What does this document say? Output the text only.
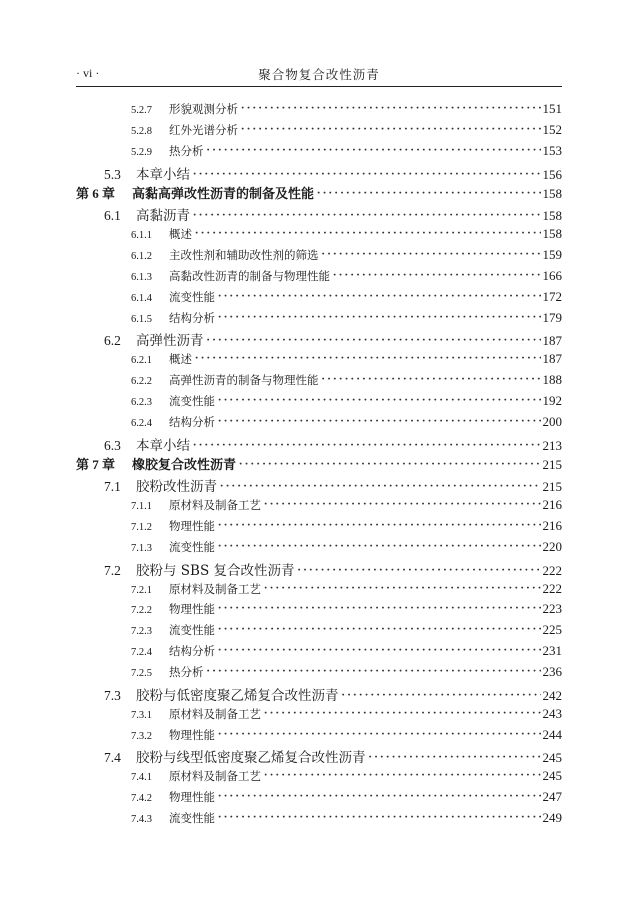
· vi ·	聚合物复合改性沥青
5.2.7	形貌观测分析 ·····	151
5.2.8	红外光谱分析 ·····	152
5.2.9	热分析 ·····	153
5.3	本章小结 ·····	156
第 6 章	高黏高弹改性沥青的制备及性能 ·····	158
6.1	高黏沥青 ·····	158
6.1.1	概述 ·····	158
6.1.2	主改性剂和辅助改性剂的筛选 ·····	159
6.1.3	高黏改性沥青的制备与物理性能 ·····	166
6.1.4	流变性能 ·····	172
6.1.5	结构分析 ·····	179
6.2	高弹性沥青 ·····	187
6.2.1	概述 ·····	187
6.2.2	高弹性沥青的制备与物理性能 ·····	188
6.2.3	流变性能 ·····	192
6.2.4	结构分析 ·····	200
6.3	本章小结 ·····	213
第 7 章	橡胶复合改性沥青 ·····	215
7.1	胶粉改性沥青 ·····	215
7.1.1	原材料及制备工艺 ·····	216
7.1.2	物理性能 ·····	216
7.1.3	流变性能 ·····	220
7.2	胶粉与 SBS 复合改性沥青 ·····	222
7.2.1	原材料及制备工艺 ·····	222
7.2.2	物理性能 ·····	223
7.2.3	流变性能 ·····	225
7.2.4	结构分析 ·····	231
7.2.5	热分析 ·····	236
7.3	胶粉与低密度聚乙烯复合改性沥青 ·····	242
7.3.1	原材料及制备工艺 ·····	243
7.3.2	物理性能 ·····	244
7.4	胶粉与线型低密度聚乙烯复合改性沥青 ·····	245
7.4.1	原材料及制备工艺 ·····	245
7.4.2	物理性能 ·····	247
7.4.3	流变性能 ·····	249
